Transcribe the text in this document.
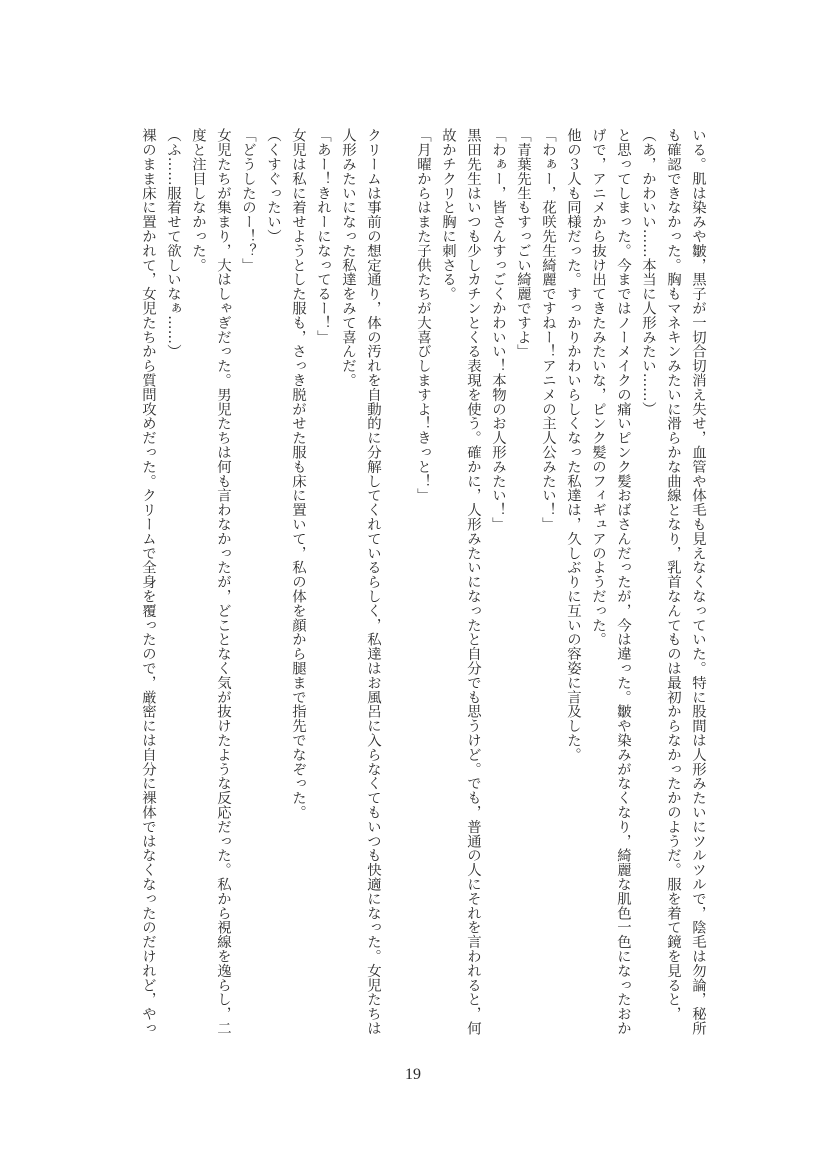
いる。肌は染みや皺，黒子が一切合切消え失せ，血管や体毛も見えなくなっていた。特に股間は人形みたいにツルツルで，陰毛は勿論，秘所
も確認できなかった。胸もマネキンみたいに滑らかな曲線となり，乳首なんてものは最初からなかったかのようだ。服を着て鏡を見ると，
（あ，かわいい……本当に人形みたい……）
と思ってしまった。今まではノーメイクの痛いピンク髪おばさんだったが，今は違った。皺や染みがなくなり，綺麗な肌色一色になったおか
げで，アニメから抜け出てきたみたいな，ピンク髪のフィギュアのようだった。
他の３人も同様だった。すっかりかわいらしくなった私達は，久しぶりに互いの容姿に言及した。
「わぁー，花咲先生綺麗ですねー！アニメの主人公みたい！」
「青葉先生もすっごい綺麗ですよ」
「わぁー，皆さんすっごくかわいい！本物のお人形みたい！」
黒田先生はいつも少しカチンとくる表現を使う。確かに，人形みたいになったと自分でも思うけど。でも，普通の人にそれを言われると，何
故かチクリと胸に刺さる。
「月曜からはまた子供たちが大喜びしますよ！きっと！」
クリームは事前の想定通り，体の汚れを自動的に分解してくれているらしく，私達はお風呂に入らなくてもいつも快適になった。女児たちは
人形みたいになった私達をみて喜んだ。
「あー！きれーになってるー！」
女児は私に着せようとした服も，さっき脱がせた服も床に置いて，私の体を顔から腿まで指先でなぞった。
（くすぐったい）
「どうしたのー！？」
女児たちが集まり，大はしゃぎだった。男児たちは何も言わなかったが，どことなく気が抜けたような反応だった。私から視線を逸らし，二
度と注目しなかった。
（ふ……服着せて欲しいなぁ……）
裸のまま床に置かれて，女児たちから質問攻めだった。クリームで全身を覆ったので，厳密には自分に裸体ではなくなったのだけれど，やっ
19
